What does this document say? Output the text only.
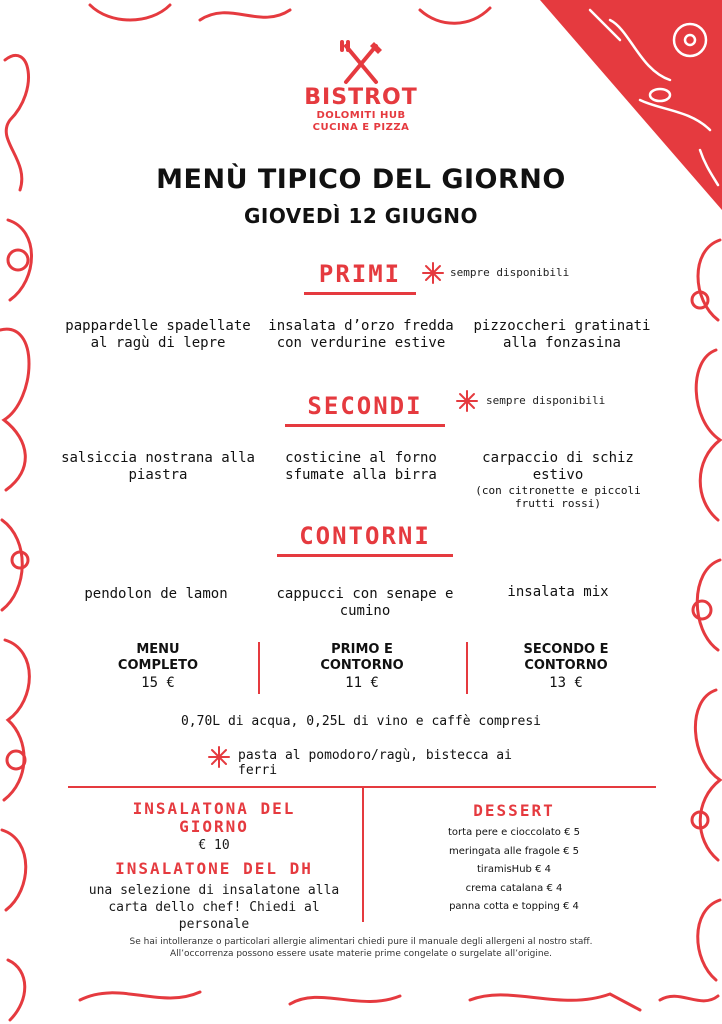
BISTROT
DOLOMITI HUB
CUCINA E PIZZA
MENÙ TIPICO DEL GIORNO
GIOVEDÌ 12 GIUGNO
PRIMI	sempre disponibili
pappardelle spadellate al ragù di lepre
insalata d’orzo fredda con verdurine estive
pizzoccheri gratinati alla fonzasina
SECONDI	sempre disponibili
salsiccia nostrana alla piastra
costicine al forno sfumate alla birra
carpaccio di schiz estivo
(con citronette e piccoli frutti rossi)
CONTORNI
pendolon de lamon	cappucci con senape e cumino
insalata mix
MENU COMPLETO
15 €
PRIMO E CONTORNO
11 €
SECONDO E CONTORNO
13 €
0,70L di acqua, 0,25L di vino e caffè compresi
pasta al pomodoro/ragù, bistecca ai ferri
INSALATONA DEL GIORNO
€ 10
INSALATONE DEL DH
una selezione di insalatone alla carta dello chef! Chiedi al personale
DESSERT
torta pere e cioccolato € 5
meringata alle fragole € 5
tiramisHub € 4
crema catalana € 4
panna cotta e topping € 4
Se hai intolleranze o particolari allergie alimentari chiedi pure il manuale degli allergeni al nostro staff.
All’occorrenza possono essere usate materie prime congelate o surgelate all’origine.
